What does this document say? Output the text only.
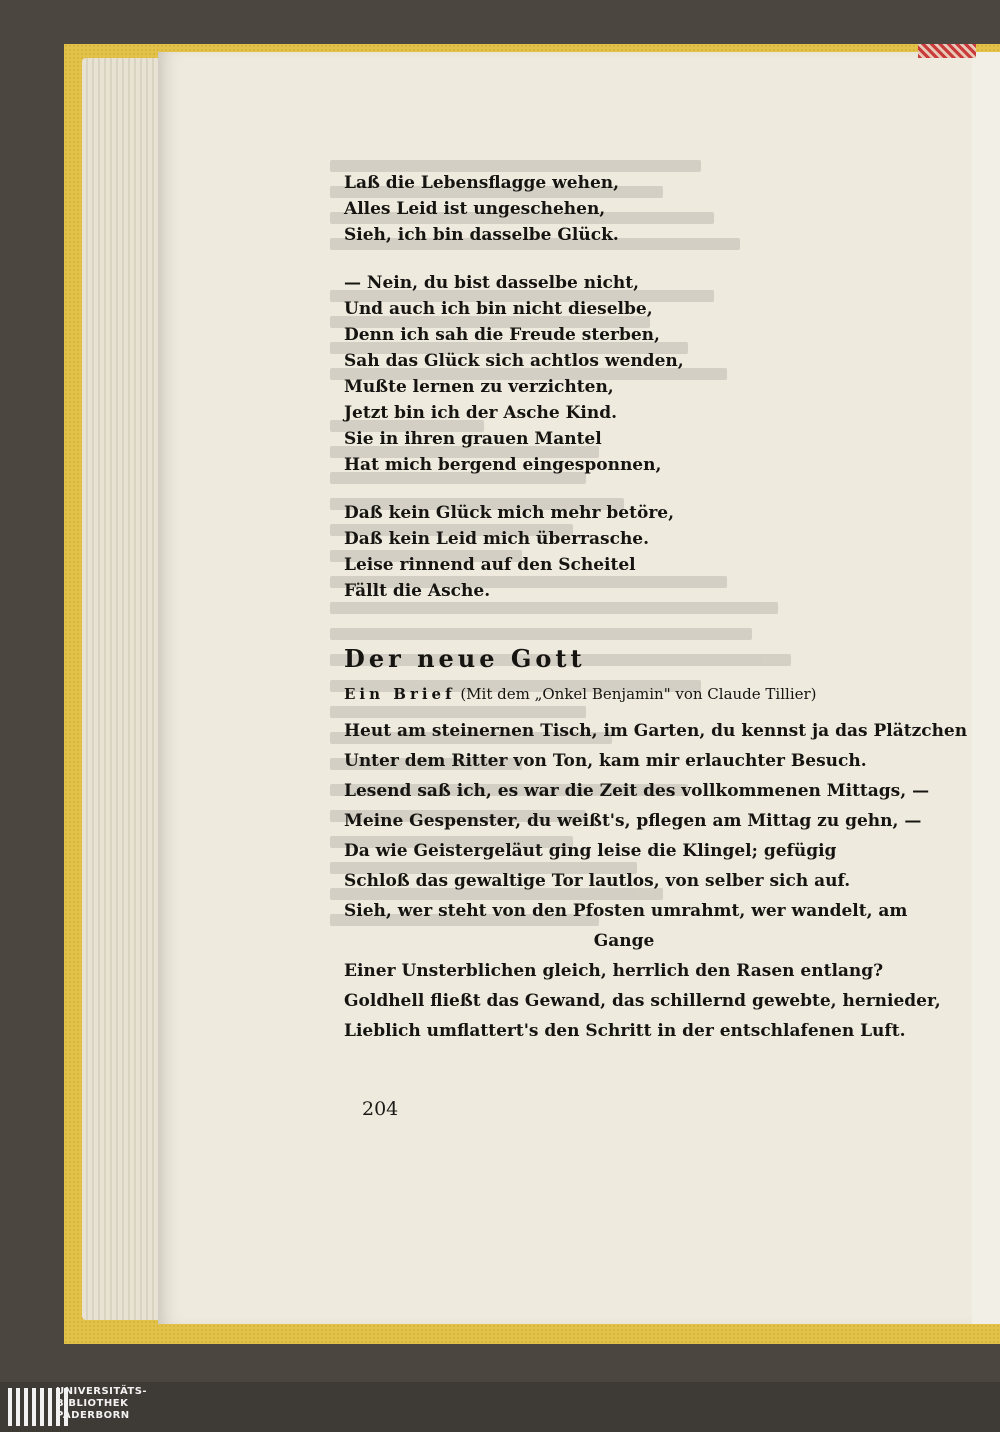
Laß die Lebensflagge wehen,
Alles Leid ist ungeschehen,
Sieh, ich bin dasselbe Glück.
— Nein, du bist dasselbe nicht,
Und auch ich bin nicht dieselbe,
Denn ich sah die Freude sterben,
Sah das Glück sich achtlos wenden,
Mußte lernen zu verzichten,
Jetzt bin ich der Asche Kind.
Sie in ihren grauen Mantel
Hat mich bergend eingesponnen,
Daß kein Glück mich mehr betöre,
Daß kein Leid mich überrasche.
Leise rinnend auf den Scheitel
Fällt die Asche.
Der neue Gott
Ein Brief (Mit dem „Onkel Benjamin" von Claude Tillier)
Heut am steinernen Tisch, im Garten, du kennst ja das Plätzchen
Unter dem Ritter von Ton, kam mir erlauchter Besuch.
Lesend saß ich, es war die Zeit des vollkommenen Mittags, —
Meine Gespenster, du weißt's, pflegen am Mittag zu gehn, —
Da wie Geistergeläut ging leise die Klingel; gefügig
Schloß das gewaltige Tor lautlos, von selber sich auf.
Sieh, wer steht von den Pfosten umrahmt, wer wandelt, am
Gange
Einer Unsterblichen gleich, herrlich den Rasen entlang?
Goldhell fließt das Gewand, das schillernd gewebte, hernieder,
Lieblich umflattert's den Schritt in der entschlafenen Luft.
204
UNIVERSITÄTS-
BIBLIOTHEK
PADERBORN
